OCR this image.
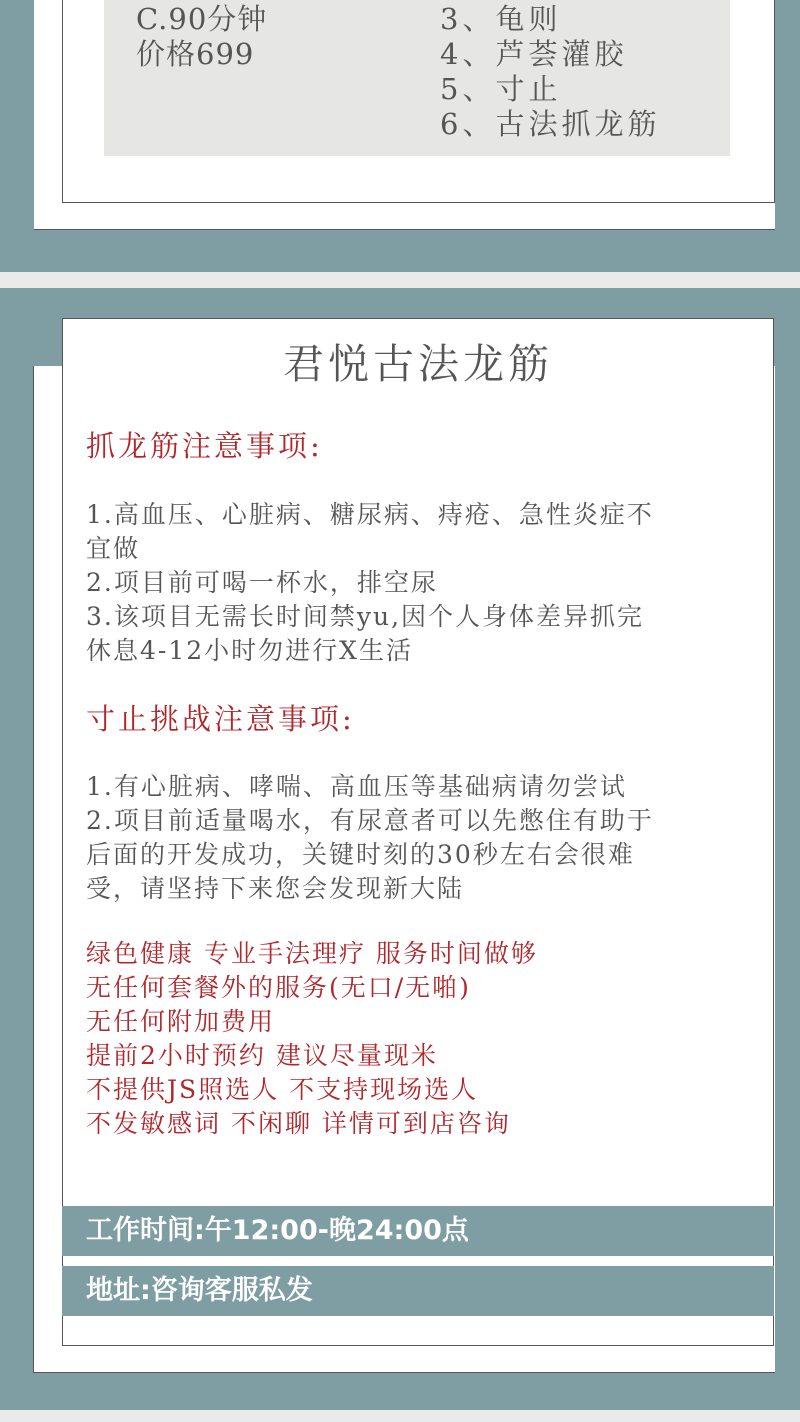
C.90分钟
价格699
3、龟则
4、芦荟灌胶
5、寸止
6、古法抓龙筋
君悦古法龙筋
抓龙筋注意事项:
1.高血压、心脏病、糖尿病、痔疮、急性炎症不
宜做
2.项目前可喝一杯水，排空尿
3.该项目无需长时间禁yu,因个人身体差异抓完
休息4-12小时勿进行X生活
寸止挑战注意事项:
1.有心脏病、哮喘、高血压等基础病请勿尝试
2.项目前适量喝水，有尿意者可以先憋住有助于
后面的开发成功，关键时刻的30秒左右会很难
受，请坚持下来您会发现新大陆
绿色健康 专业手法理疗 服务时间做够
无任何套餐外的服务(无口/无啪)
无任何附加费用
提前2小时预约 建议尽量现米
不提供JS照选人 不支持现场选人
不发敏感词 不闲聊 详情可到店咨询
工作时间:午12:00-晚24:00点
地址:咨询客服私发
